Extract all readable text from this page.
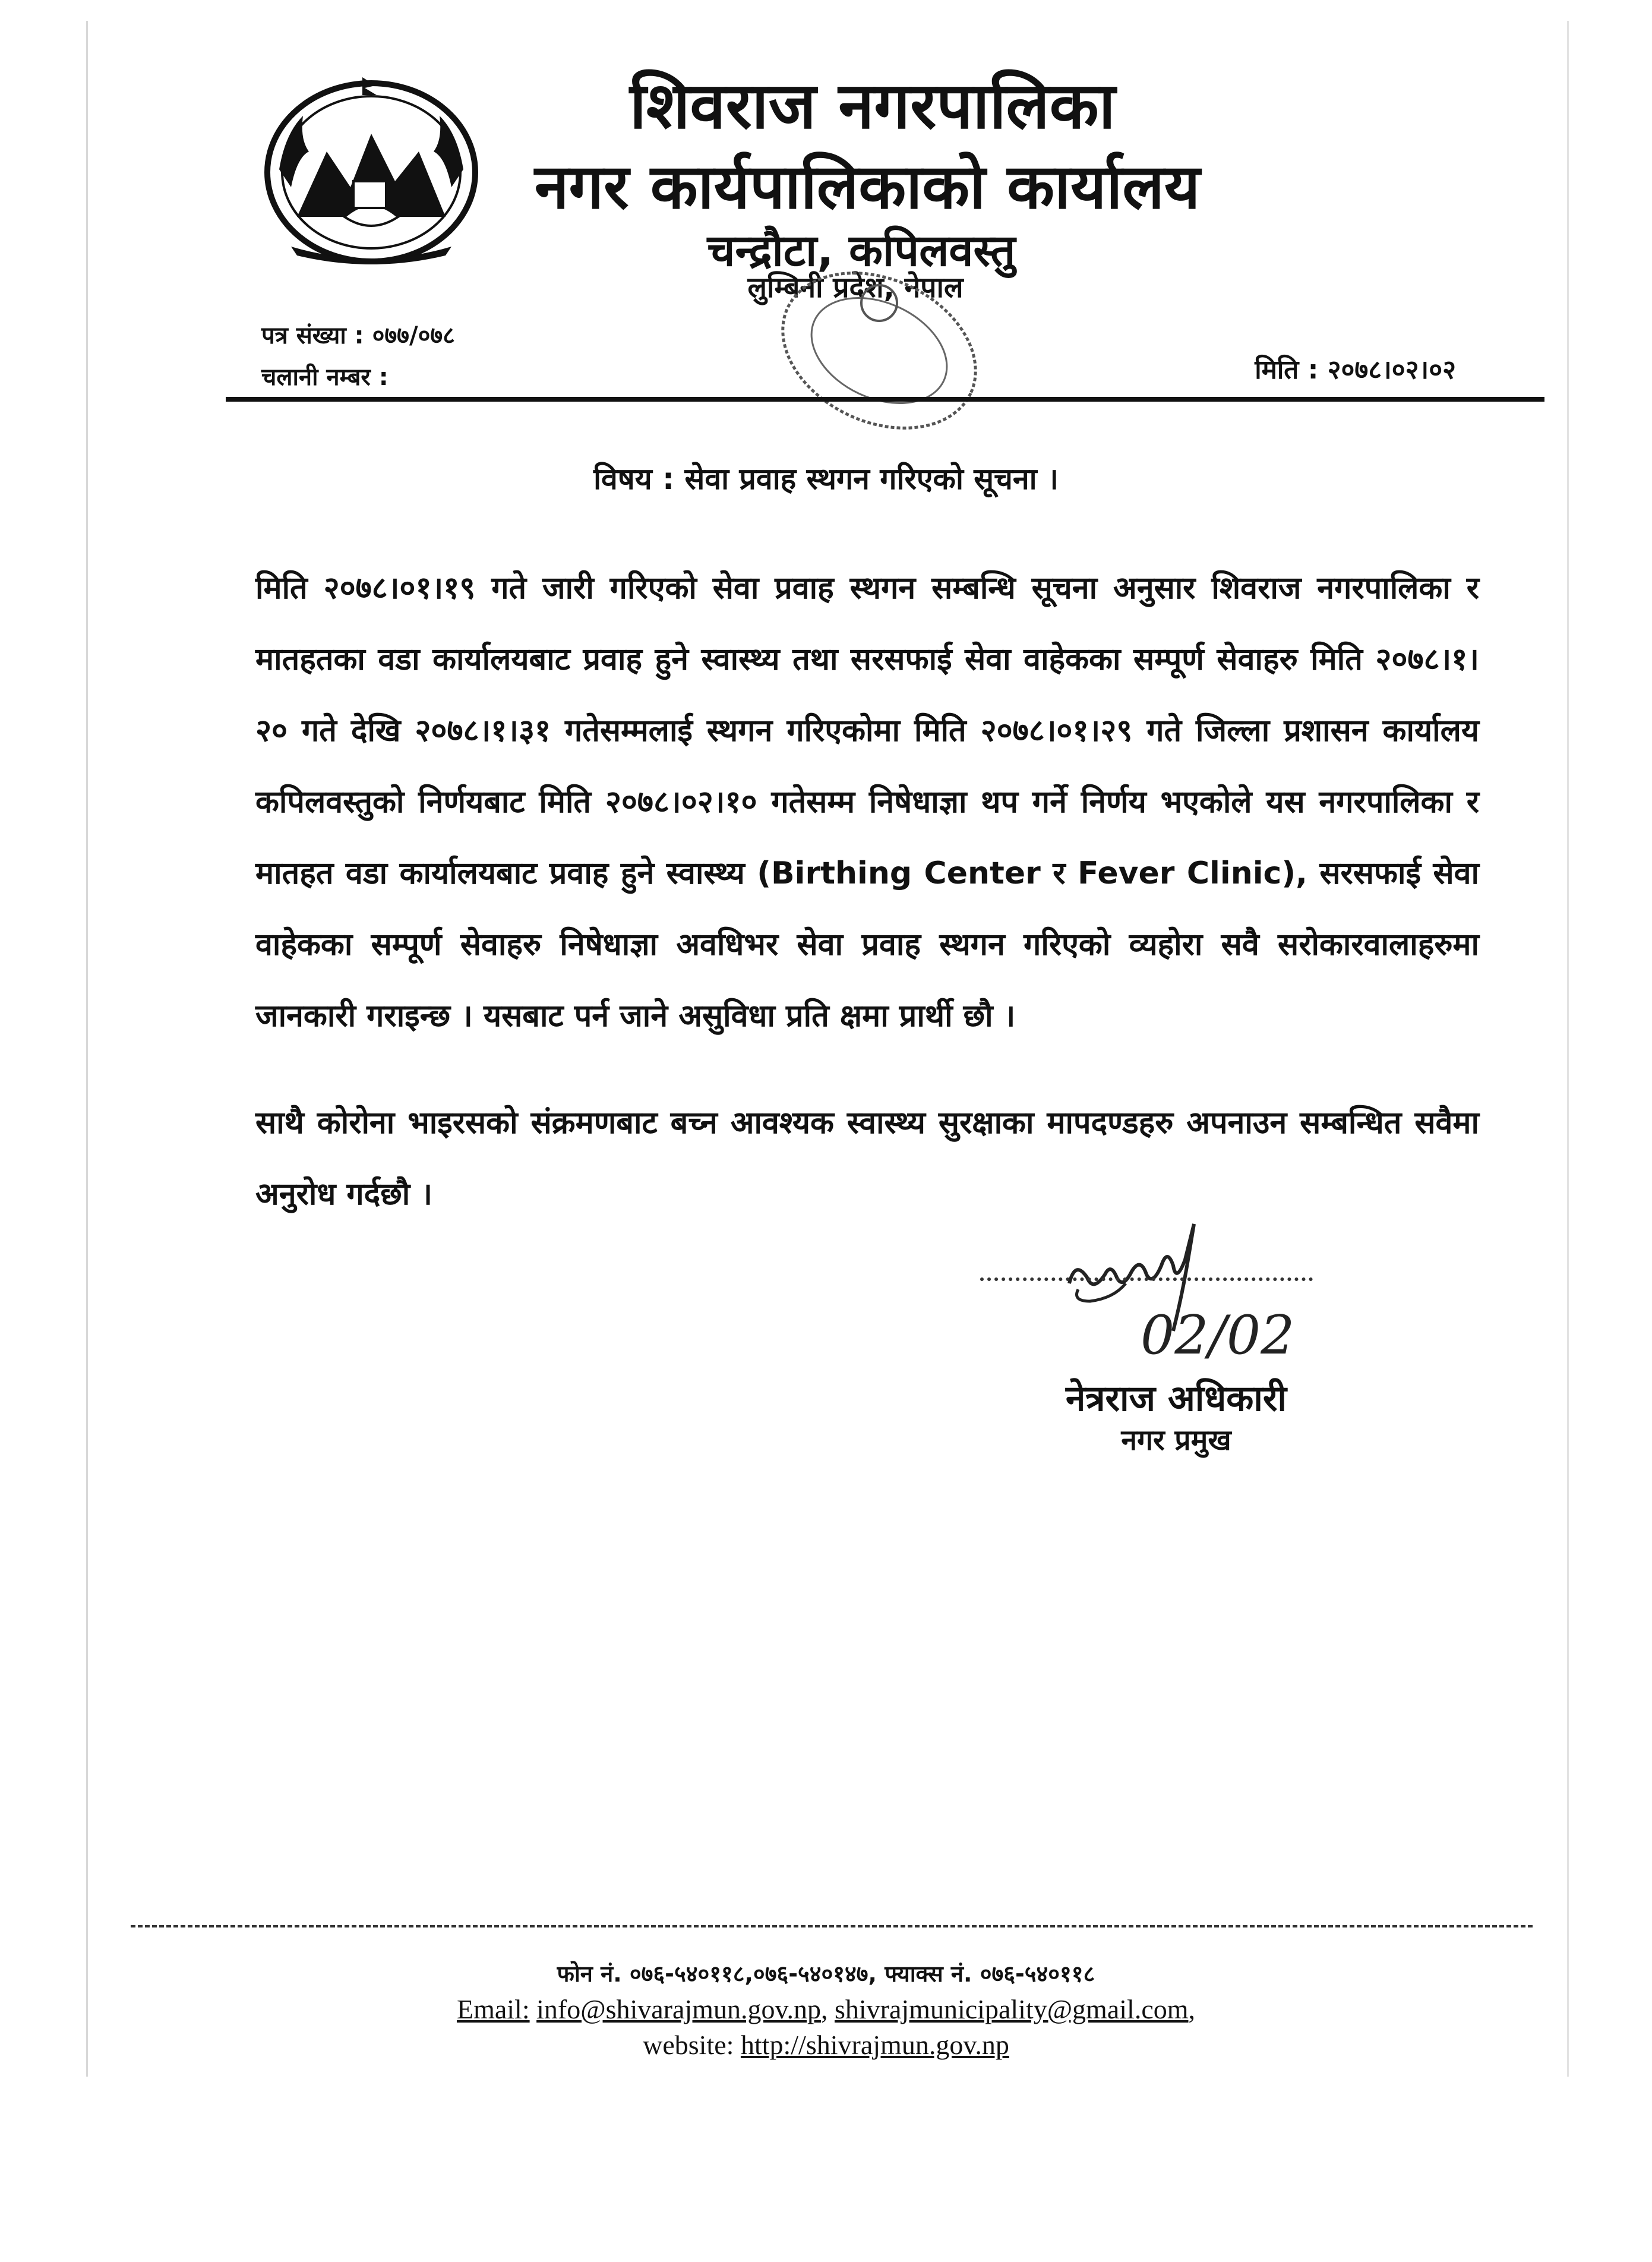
शिवराज नगरपालिका
नगर कार्यपालिकाको कार्यालय
चन्द्रौटा, कपिलवस्तु
लुम्बिनी प्रदेश, नेपाल
पत्र संख्या : ०७७/०७८
चलानी नम्बर :	मिति : २०७८।०२।०२
विषय : सेवा प्रवाह स्थगन गरिएको सूचना ।
मिति २०७८।०१।१९ गते जारी गरिएको सेवा प्रवाह स्थगन सम्बन्धि सूचना अनुसार शिवराज नगरपालिका र मातहतका वडा कार्यालयबाट प्रवाह हुने स्वास्थ्य तथा सरसफाई सेवा वाहेकका सम्पूर्ण सेवाहरु मिति २०७८।१।२० गते देखि २०७८।१।३१ गतेसम्मलाई स्थगन गरिएकोमा मिति २०७८।०१।२९ गते जिल्ला प्रशासन कार्यालय कपिलवस्तुको निर्णयबाट मिति २०७८।०२।१० गतेसम्म निषेधाज्ञा थप गर्ने निर्णय भएकोले यस नगरपालिका र मातहत वडा कार्यालयबाट प्रवाह हुने स्वास्थ्य (Birthing Center र Fever Clinic), सरसफाई सेवा वाहेकका सम्पूर्ण सेवाहरु निषेधाज्ञा अवधिभर सेवा प्रवाह स्थगन गरिएको व्यहोरा सवै सरोकारवालाहरुमा जानकारी गराइन्छ । यसबाट पर्न जाने असुविधा प्रति क्षमा प्रार्थी छौ ।
साथै कोरोना भाइरसको संक्रमणबाट बच्न आवश्यक स्वास्थ्य सुरक्षाका मापदण्डहरु अपनाउन सम्बन्धित सवैमा अनुरोध गर्दछौ ।
02/02
नेत्रराज अधिकारी
नगर प्रमुख
फोन नं. ०७६-५४०११८,०७६-५४०१४७, फ्याक्स नं. ०७६-५४०११८
Email: info@shivarajmun.gov.np, shivrajmunicipality@gmail.com,
website: http://shivrajmun.gov.np
